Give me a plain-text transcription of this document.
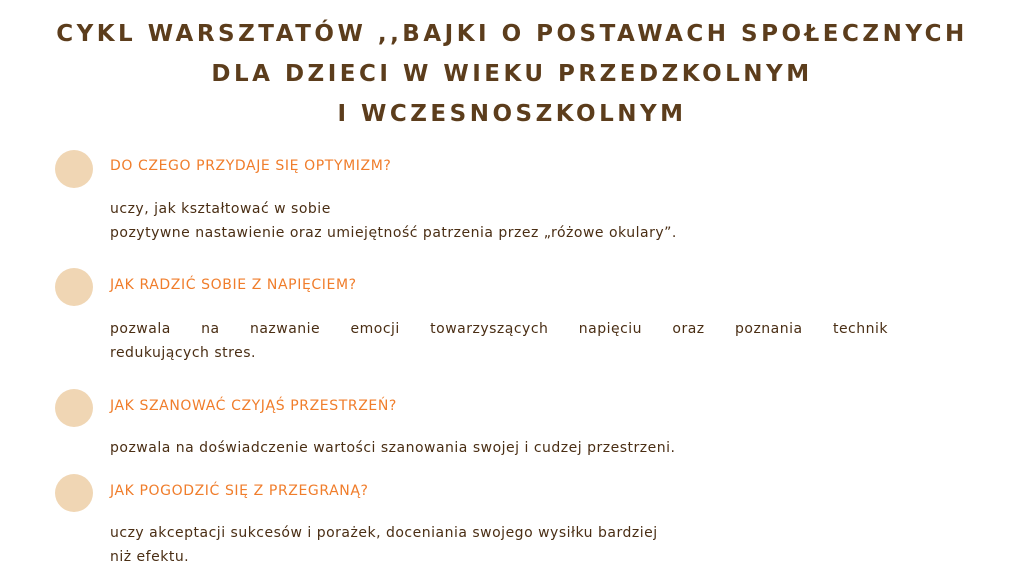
CYKL WARSZTATÓW ,,BAJKI O POSTAWACH SPOŁECZNYCH
DLA DZIECI W WIEKU PRZEDZKOLNYM
I WCZESNOSZKOLNYM
DO CZEGO PRZYDAJE SIĘ OPTYMIZM?
uczy, jak kształtować w sobie
pozytywne nastawienie oraz umiejętność patrzenia przez „różowe okulary”.
JAK RADZIĆ SOBIE Z NAPIĘCIEM?
pozwala na nazwanie emocji towarzyszących napięciu oraz poznania technik
redukujących stres.
JAK SZANOWAĆ CZYJĄŚ PRZESTRZEŃ?
pozwala na doświadczenie wartości szanowania swojej i cudzej przestrzeni.
JAK POGODZIĆ SIĘ Z PRZEGRANĄ?
uczy akceptacji sukcesów i porażek, doceniania swojego wysiłku bardziej
niż efektu.
